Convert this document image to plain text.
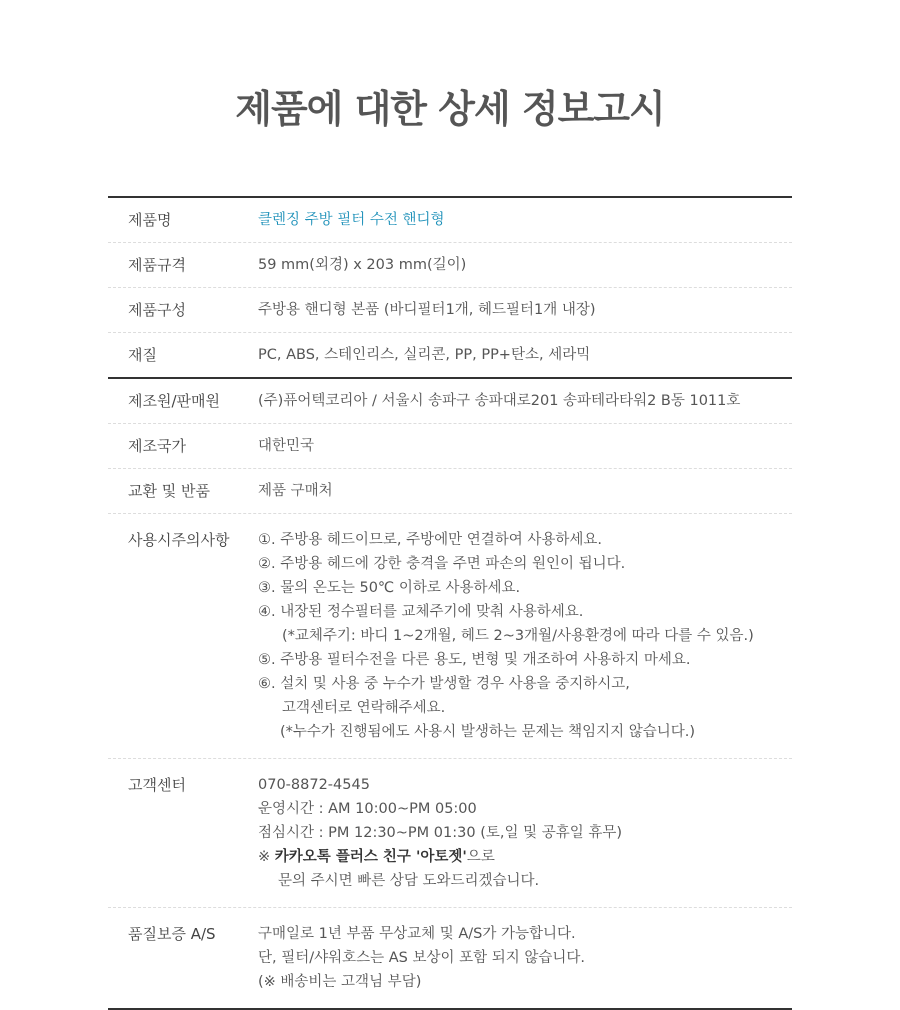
제품에 대한 상세 정보고시
제품명	클렌징 주방 필터 수전 핸디형
제품규격	59 mm(외경) x 203 mm(길이)
제품구성	주방용 핸디형 본품 (바디필터1개, 헤드필터1개 내장)
재질	PC, ABS, 스테인리스, 실리콘, PP, PP+탄소, 세라믹
제조원/판매원	(주)퓨어텍코리아 / 서울시 송파구 송파대로201 송파테라타워2 B동 1011호
제조국가	대한민국
교환 및 반품	제품 구매처
사용시주의사항	①. 주방용 헤드이므로, 주방에만 연결하여 사용하세요.
②. 주방용 헤드에 강한 충격을 주면 파손의 원인이 됩니다.
③. 물의 온도는 50℃ 이하로 사용하세요.
④. 내장된 정수필터를 교체주기에 맞춰 사용하세요.
(*교체주기: 바디 1~2개월, 헤드 2~3개월/사용환경에 따라 다를 수 있음.)
⑤. 주방용 필터수전을 다른 용도, 변형 및 개조하여 사용하지 마세요.
⑥. 설치 및 사용 중 누수가 발생할 경우 사용을 중지하시고,
고객센터로 연락해주세요.
(*누수가 진행됨에도 사용시 발생하는 문제는 책임지지 않습니다.)
고객센터	070-8872-4545
운영시간 : AM 10:00~PM 05:00
점심시간 : PM 12:30~PM 01:30 (토,일 및 공휴일 휴무)
※ 카카오톡 플러스 친구 '아토젯'으로
문의 주시면 빠른 상담 도와드리겠습니다.
품질보증 A/S	구매일로 1년 부품 무상교체 및 A/S가 가능합니다.
단, 필터/샤워호스는 AS 보상이 포함 되지 않습니다.
(※ 배송비는 고객님 부담)
